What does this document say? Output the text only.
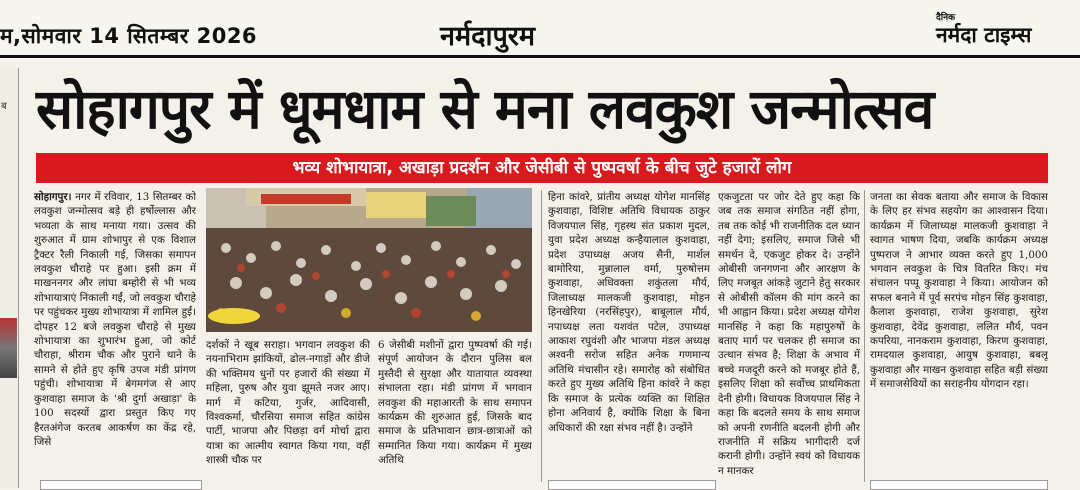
म,सोमवार 14 सितम्बर 2026	नर्मदापुरम
दैनिक
नर्मदा टाइम्स
ब सोहागपुर में धूमधाम से मना लवकुश जन्मोत्सव
भव्य शोभायात्रा, अखाड़ा प्रदर्शन और जेसीबी से पुष्पवर्षा के बीच जुटे हजारों लोग
सोहागपुर। नगर में रविवार, 13 सितम्बर को लवकुश जन्मोत्सव बड़े ही हर्षोल्लास और भव्यता के साथ मनाया गया। उत्सव की शुरुआत में ग्राम शोभापुर से एक विशाल ट्रैक्टर रैली निकाली गई, जिसका समापन लवकुश चौराहे पर हुआ। इसी क्रम में माखननगर और लांघा बम्होरी से भी भव्य शोभायात्राएं निकाली गईं, जो लवकुश चौराहे पर पहुंचकर मुख्य शोभायात्रा में शामिल हुईं। दोपहर 12 बजे लवकुश चौराहे से मुख्य शोभायात्रा का शुभारंभ हुआ, जो कोर्ट चौराहा, श्रीराम चौक और पुराने थाने के सामने से होते हुए कृषि उपज मंडी प्रांगण पहुंची। शोभायात्रा में बेगमगंज से आए कुशवाहा समाज के 'श्री दुर्गा अखाड़ा' के 100 सदस्यों द्वारा प्रस्तुत किए गए हैरतअंगेज करतब आकर्षण का केंद्र रहे, जिसे
दर्शकों ने खूब सराहा। भगवान लवकुश की नयनाभिराम झांकियों, ढोल-नगाड़ों और डीजे की भक्तिमय धुनों पर हजारों की संख्या में महिला, पुरुष और युवा झूमते नजर आए। मार्ग में कटिया, गुर्जर, आदिवासी, विश्वकर्मा, चौरसिया समाज सहित कांग्रेस पार्टी, भाजपा और पिछड़ा वर्ग मोर्चा द्वारा यात्रा का आत्मीय स्वागत किया गया, वहीं शास्त्री चौक पर
6 जेसीबी मशीनों द्वारा पुष्पवर्षा की गई। संपूर्ण आयोजन के दौरान पुलिस बल मुस्तैदी से सुरक्षा और यातायात व्यवस्था संभालता रहा। मंडी प्रांगण में भगवान लवकुश की महाआरती के साथ समापन कार्यक्रम की शुरुआत हुई, जिसके बाद समाज के प्रतिभावान छात्र-छात्राओं को सम्मानित किया गया। कार्यक्रम में मुख्य अतिथि
हिना कांवरे, प्रांतीय अध्यक्ष योगेश मानसिंह कुशवाहा, विशिष्ट अतिथि विधायक ठाकुर विजयपाल सिंह, गृहस्थ संत प्रकाश मुदल, युवा प्रदेश अध्यक्ष कन्हैयालाल कुशवाहा, प्रदेश उपाध्यक्ष अजय सैनी, मार्शल बामोरिया, मुन्नालाल वर्मा, पुरुषोत्तम कुशवाहा, अधिवक्ता शकुंतला मौर्य, जिलाध्यक्ष मालकजी कुशवाहा, मोहन हिनखेरिया (नरसिंहपुर), बाबूलाल मौर्य, नपाध्यक्ष लता यशवंत पटेल, उपाध्यक्ष आकाश रघुवंशी और भाजपा मंडल अध्यक्ष अश्वनी सरोज सहित अनेक गणमान्य अतिथि मंचासीन रहे। समारोह को संबोधित करते हुए मुख्य अतिथि हिना कांवरे ने कहा कि समाज के प्रत्येक व्यक्ति का शिक्षित होना अनिवार्य है, क्योंकि शिक्षा के बिना अधिकारों की रक्षा संभव नहीं है। उन्होंने
एकजुटता पर जोर देते हुए कहा कि जब तक समाज संगठित नहीं होगा, तब तक कोई भी राजनीतिक दल ध्यान नहीं देगा; इसलिए, समाज जिसे भी समर्थन दे, एकजुट होकर दे। उन्होंने ओबीसी जनगणना और आरक्षण के लिए मजबूत आंकड़े जुटाने हेतु सरकार से ओबीसी कॉलम की मांग करने का भी आह्वान किया। प्रदेश अध्यक्ष योगेश मानसिंह ने कहा कि महापुरुषों के बताए मार्ग पर चलकर ही समाज का उत्थान संभव है; शिक्षा के अभाव में बच्चे मजदूरी करने को मजबूर होते हैं, इसलिए शिक्षा को सर्वोच्च प्राथमिकता देनी होगी। विधायक विजयपाल सिंह ने कहा कि बदलते समय के साथ समाज को अपनी रणनीति बदलनी होगी और राजनीति में सक्रिय भागीदारी दर्ज करानी होगी। उन्होंने स्वयं को विधायक न मानकर
जनता का सेवक बताया और समाज के विकास के लिए हर संभव सहयोग का आश्वासन दिया। कार्यक्रम में जिलाध्यक्ष मालकजी कुशवाहा ने स्वागत भाषण दिया, जबकि कार्यक्रम अध्यक्ष पुष्पराज ने आभार व्यक्त करते हुए 1,000 भगवान लवकुश के चित्र वितरित किए। मंच संचालन पप्पू कुशवाहा ने किया। आयोजन को सफल बनाने में पूर्व सरपंच मोहन सिंह कुशवाहा, कैलाश कुशवाहा, राजेश कुशवाहा, सुरेश कुशवाहा, देवेंद्र कुशवाहा, ललित मौर्य, पवन कपरिया, नानकराम कुशवाहा, किरण कुशवाहा, रामदयाल कुशवाहा, आयुष कुशवाहा, बबलू कुशवाहा और माखन कुशवाहा सहित बड़ी संख्या में समाजसेवियों का सराहनीय योगदान रहा।
